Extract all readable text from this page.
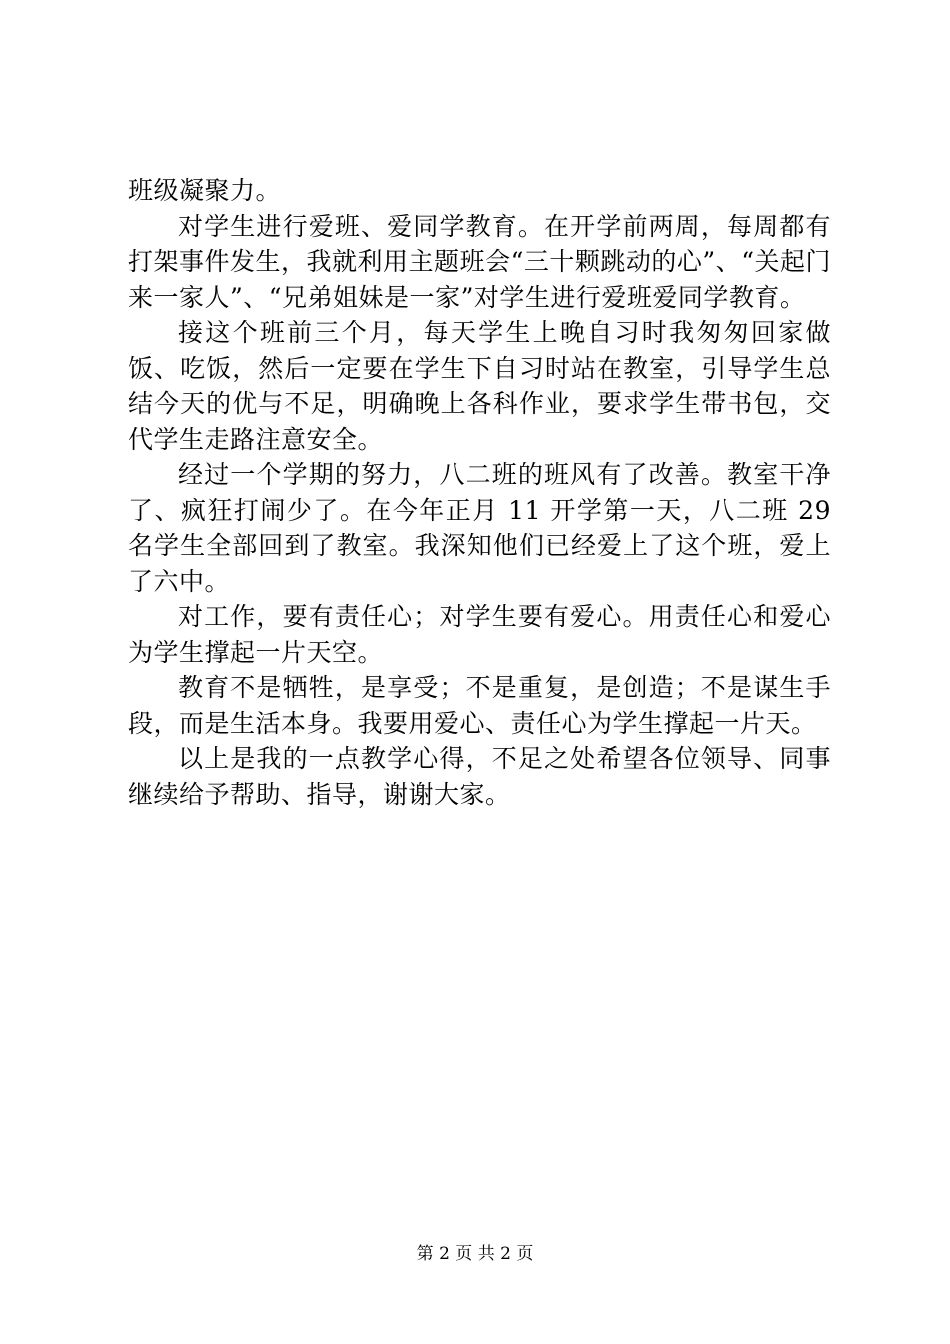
班级凝聚力。

对学生进行爱班、爱同学教育。在开学前两周，每周都有打架事件发生，我就利用主题班会“三十颗跳动的心”、“关起门来一家人”、“兄弟姐妹是一家”对学生进行爱班爱同学教育。

接这个班前三个月，每天学生上晚自习时我匆匆回家做饭、吃饭，然后一定要在学生下自习时站在教室，引导学生总结今天的优与不足，明确晚上各科作业，要求学生带书包，交代学生走路注意安全。

经过一个学期的努力，八二班的班风有了改善。教室干净了、疯狂打闹少了。在今年正月 11 开学第一天，八二班 29 名学生全部回到了教室。我深知他们已经爱上了这个班，爱上了六中。

对工作，要有责任心；对学生要有爱心。用责任心和爱心为学生撑起一片天空。

教育不是牺牲，是享受；不是重复，是创造；不是谋生手段，而是生活本身。我要用爱心、责任心为学生撑起一片天。

以上是我的一点教学心得，不足之处希望各位领导、同事继续给予帮助、指导，谢谢大家。

第 2 页 共 2 页
